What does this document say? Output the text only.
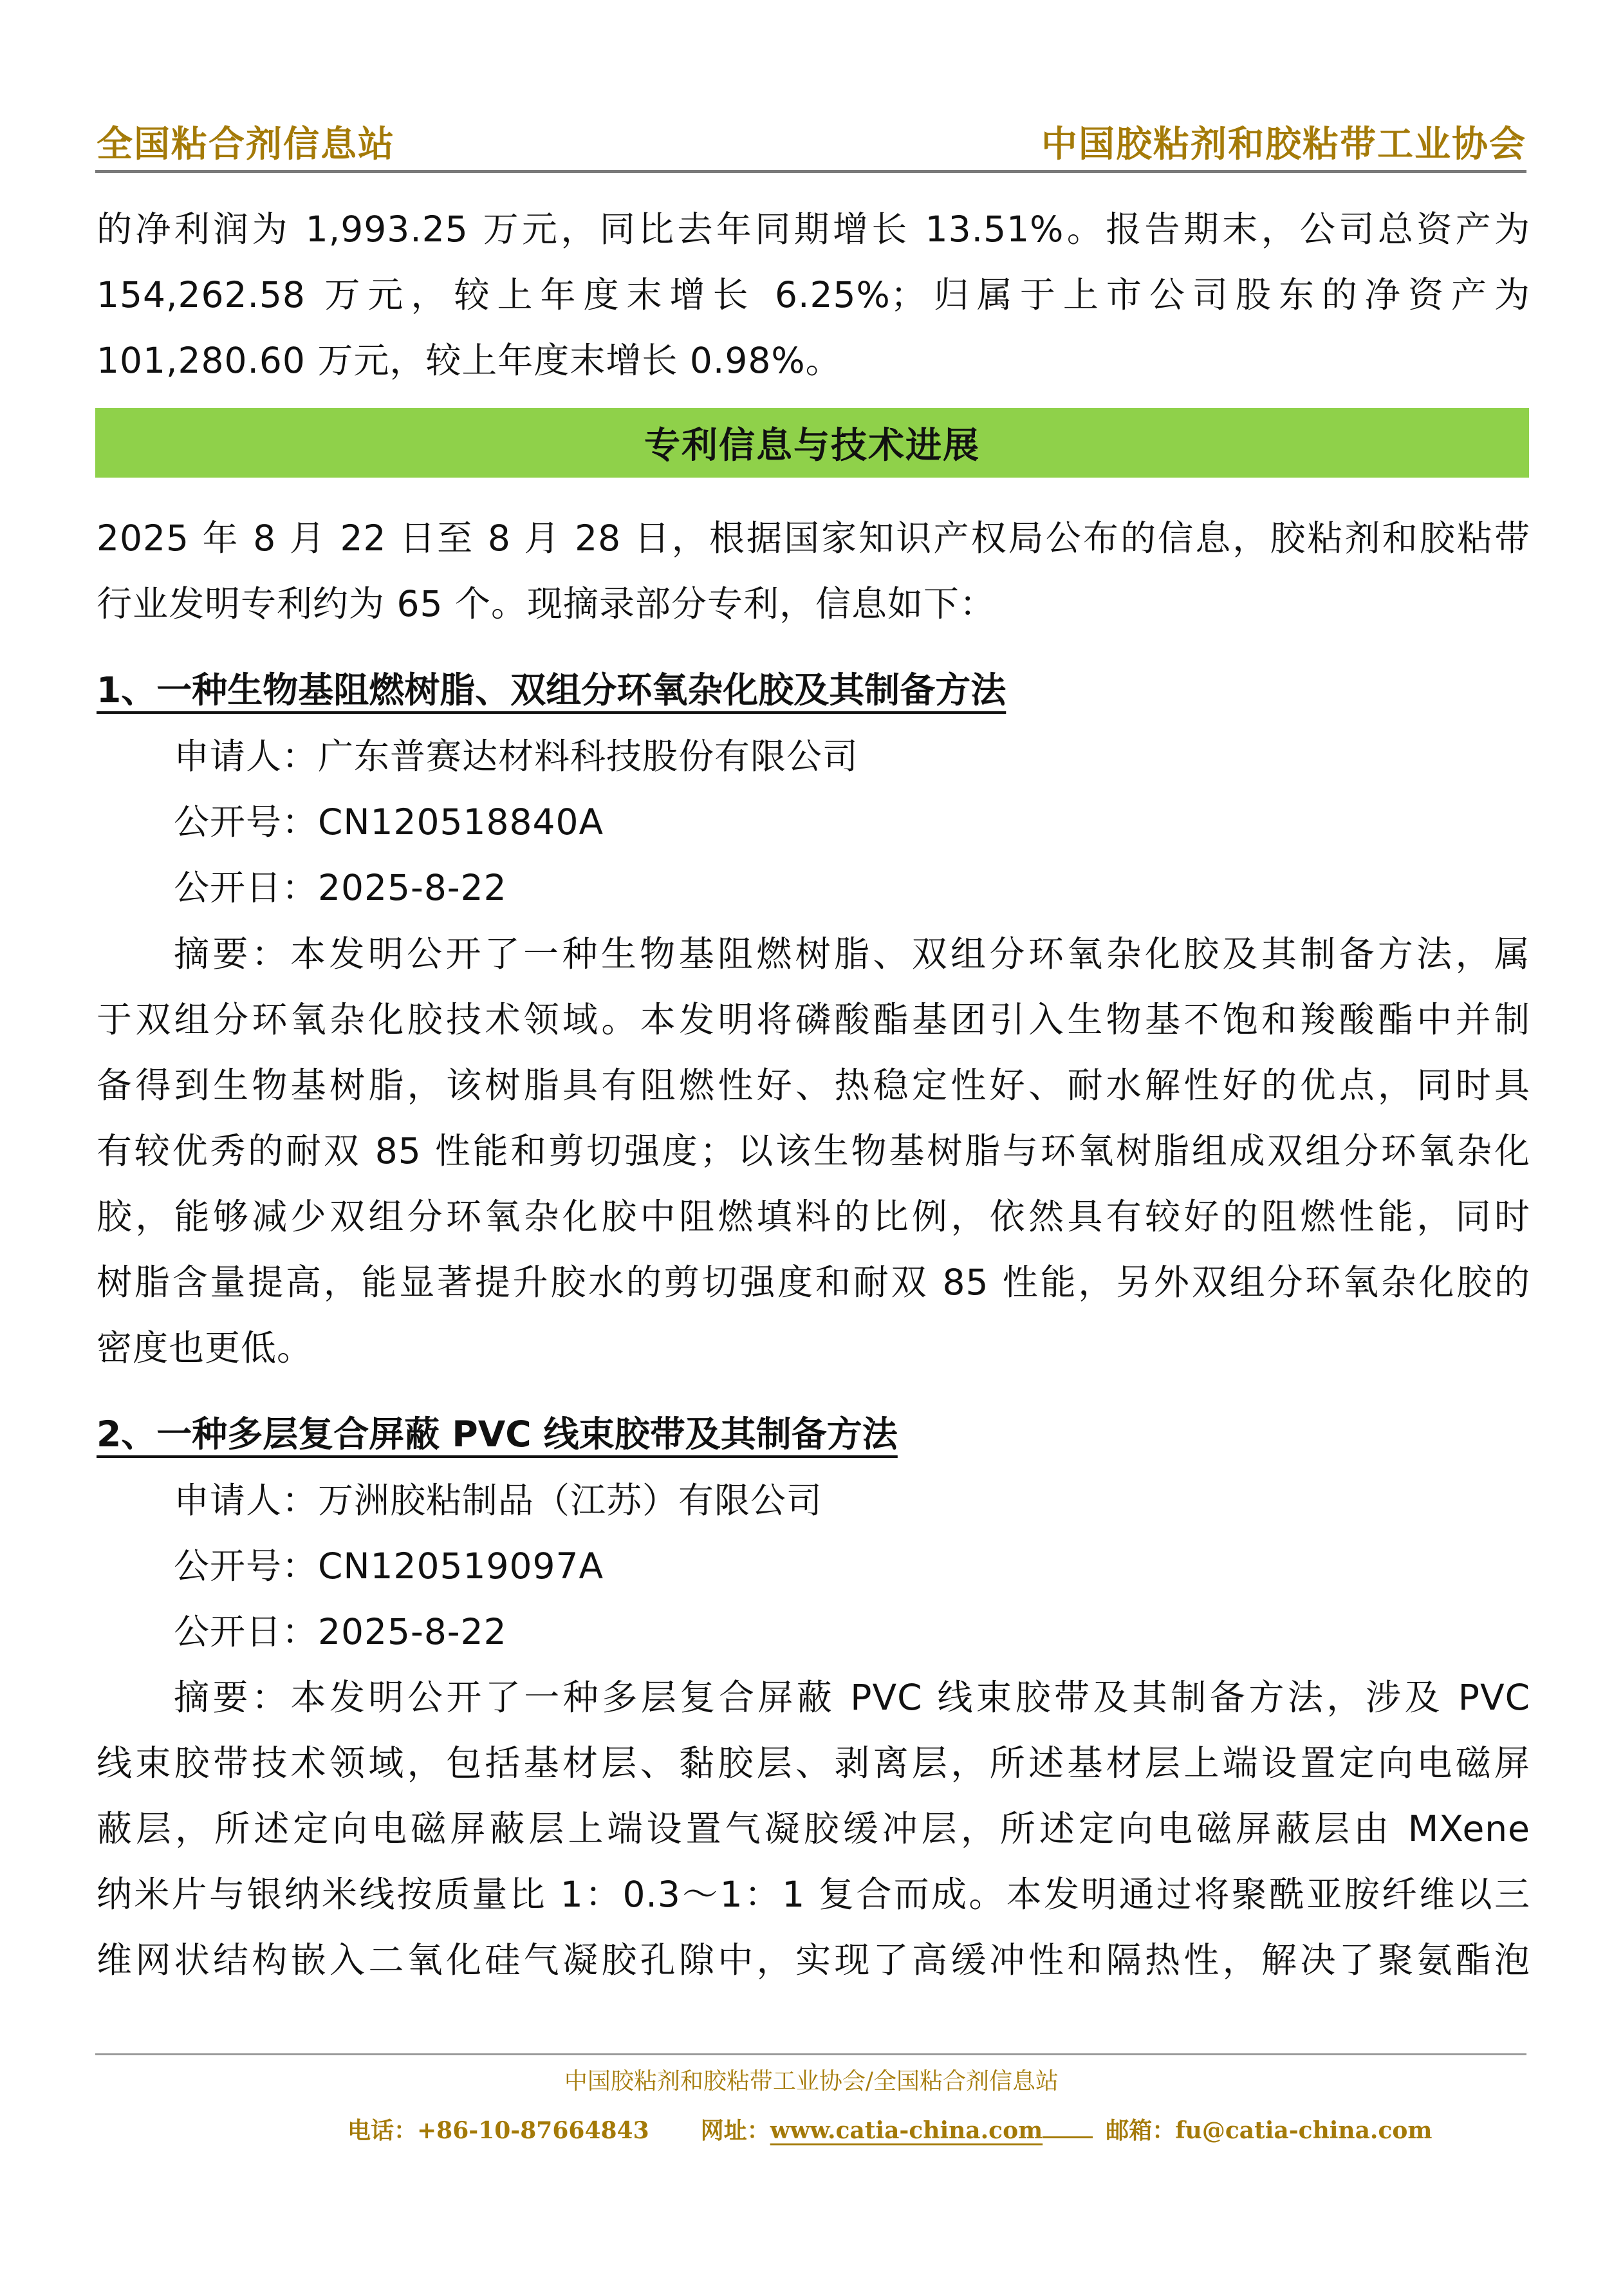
全国粘合剂信息站	中国胶粘剂和胶粘带工业协会
的净利润为 1,993.25 万元，同比去年同期增长 13.51%。报告期末，公司总资产为
154,262.58 万元，较上年度末增长 6.25%；归属于上市公司股东的净资产为
101,280.60 万元，较上年度末增长 0.98%。
专利信息与技术进展
2025 年 8 月 22 日至 8 月 28 日，根据国家知识产权局公布的信息，胶粘剂和胶粘带
行业发明专利约为 65 个。现摘录部分专利，信息如下：
1、一种生物基阻燃树脂、双组分环氧杂化胶及其制备方法
申请人：广东普赛达材料科技股份有限公司
公开号：CN120518840A
公开日：2025-8-22
摘要：本发明公开了一种生物基阻燃树脂、双组分环氧杂化胶及其制备方法，属
于双组分环氧杂化胶技术领域。本发明将磷酸酯基团引入生物基不饱和羧酸酯中并制
备得到生物基树脂，该树脂具有阻燃性好、热稳定性好、耐水解性好的优点，同时具
有较优秀的耐双 85 性能和剪切强度；以该生物基树脂与环氧树脂组成双组分环氧杂化
胶，能够减少双组分环氧杂化胶中阻燃填料的比例，依然具有较好的阻燃性能，同时
树脂含量提高，能显著提升胶水的剪切强度和耐双 85 性能，另外双组分环氧杂化胶的
密度也更低。
2、一种多层复合屏蔽 PVC 线束胶带及其制备方法
申请人：万洲胶粘制品（江苏）有限公司
公开号：CN120519097A
公开日：2025-8-22
摘要：本发明公开了一种多层复合屏蔽 PVC 线束胶带及其制备方法，涉及 PVC
线束胶带技术领域，包括基材层、黏胶层、剥离层，所述基材层上端设置定向电磁屏
蔽层，所述定向电磁屏蔽层上端设置气凝胶缓冲层，所述定向电磁屏蔽层由 MXene
纳米片与银纳米线按质量比 1：0.3～1：1 复合而成。本发明通过将聚酰亚胺纤维以三
维网状结构嵌入二氧化硅气凝胶孔隙中，实现了高缓冲性和隔热性，解决了聚氨酯泡
中国胶粘剂和胶粘带工业协会/全国粘合剂信息站
电话：+86-10-87664843 网址：www.catia-china.com	邮箱：fu@catia-china.com
